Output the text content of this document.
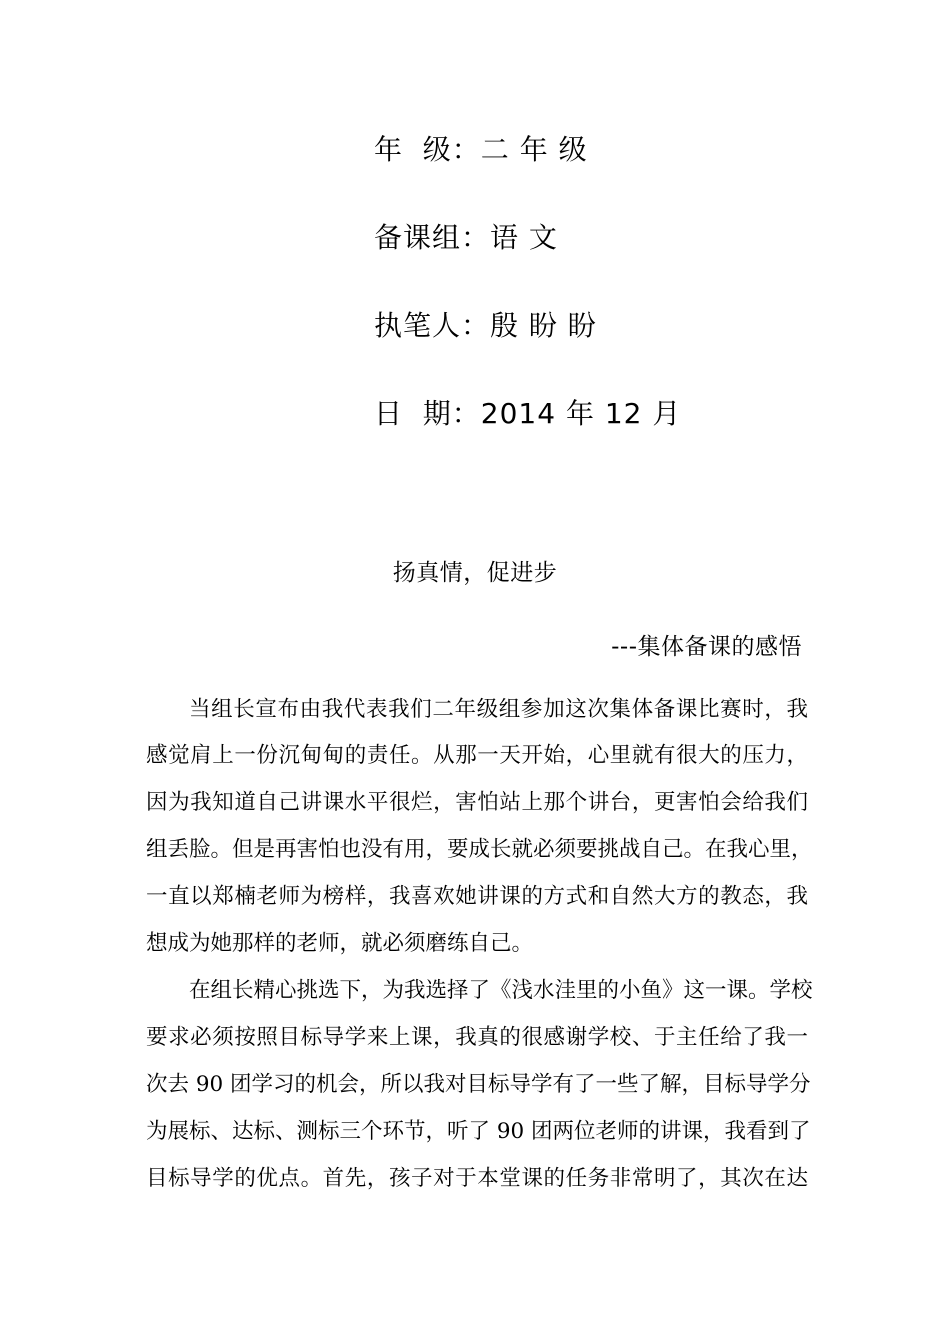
年  级：二 年 级
备课组：语 文
执笔人：殷 盼 盼
日  期：2014 年 12 月
扬真情，促进步
---集体备课的感悟
当组长宣布由我代表我们二年级组参加这次集体备课比赛时，我
感觉肩上一份沉甸甸的责任。从那一天开始，心里就有很大的压力，
因为我知道自己讲课水平很烂，害怕站上那个讲台，更害怕会给我们
组丢脸。但是再害怕也没有用，要成长就必须要挑战自己。在我心里，
一直以郑楠老师为榜样，我喜欢她讲课的方式和自然大方的教态，我
想成为她那样的老师，就必须磨练自己。
在组长精心挑选下，为我选择了《浅水洼里的小鱼》这一课。学校
要求必须按照目标导学来上课，我真的很感谢学校、于主任给了我一
次去 90 团学习的机会，所以我对目标导学有了一些了解，目标导学分
为展标、达标、测标三个环节，听了 90 团两位老师的讲课，我看到了
目标导学的优点。首先，孩子对于本堂课的任务非常明了，其次在达
